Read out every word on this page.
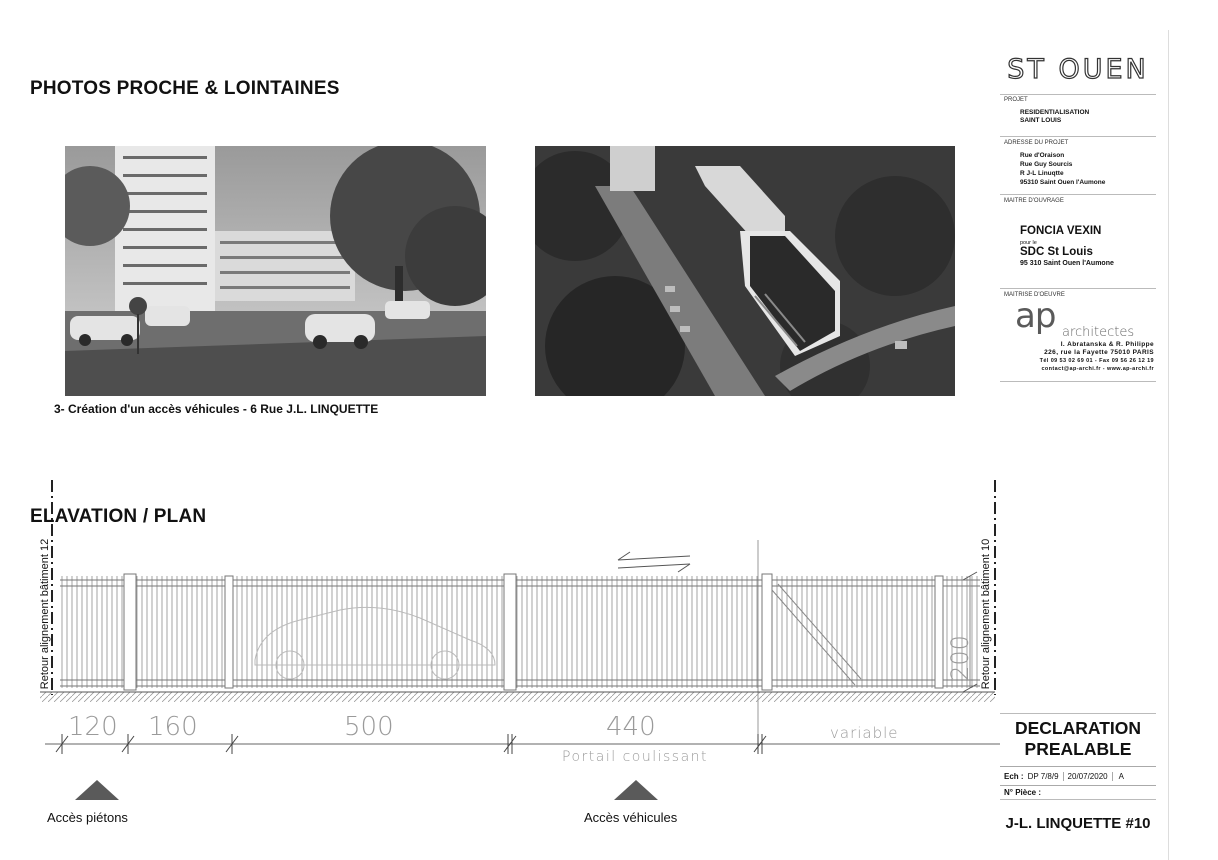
PHOTOS PROCHE & LOINTAINES
3- Création d'un accès véhicules - 6 Rue J.L. LINQUETTE
ELAVATION / PLAN
Retour alignement bâtiment 12	Retour alignement bâtiment 10
200
120 160	500	440	variable
Portail coulissant
Accès piétons	Accès véhicules
ST OUEN
PROJET
RESIDENTIALISATION
SAINT LOUIS
ADRESSE DU PROJET
Rue d'Oraison
Rue Guy Sourcis
R J-L Linuqtte
95310 Saint Ouen l'Aumone
MAITRE D'OUVRAGE
FONCIA VEXIN
pour le
SDC St Louis
95 310 Saint Ouen l'Aumone
MAITRISE D'OEUVRE
ap architectes
I. Abratanska & R. Philippe
226, rue la Fayette 75010 PARIS
Tél 09 53 02 69 01 - Fax 09 56 26 12 19
contact@ap-archi.fr - www.ap-archi.fr
DECLARATION
PREALABLE
Ech : DP 7/8/9	20/07/2020	A
N° Pièce :
J-L. LINQUETTE #10
